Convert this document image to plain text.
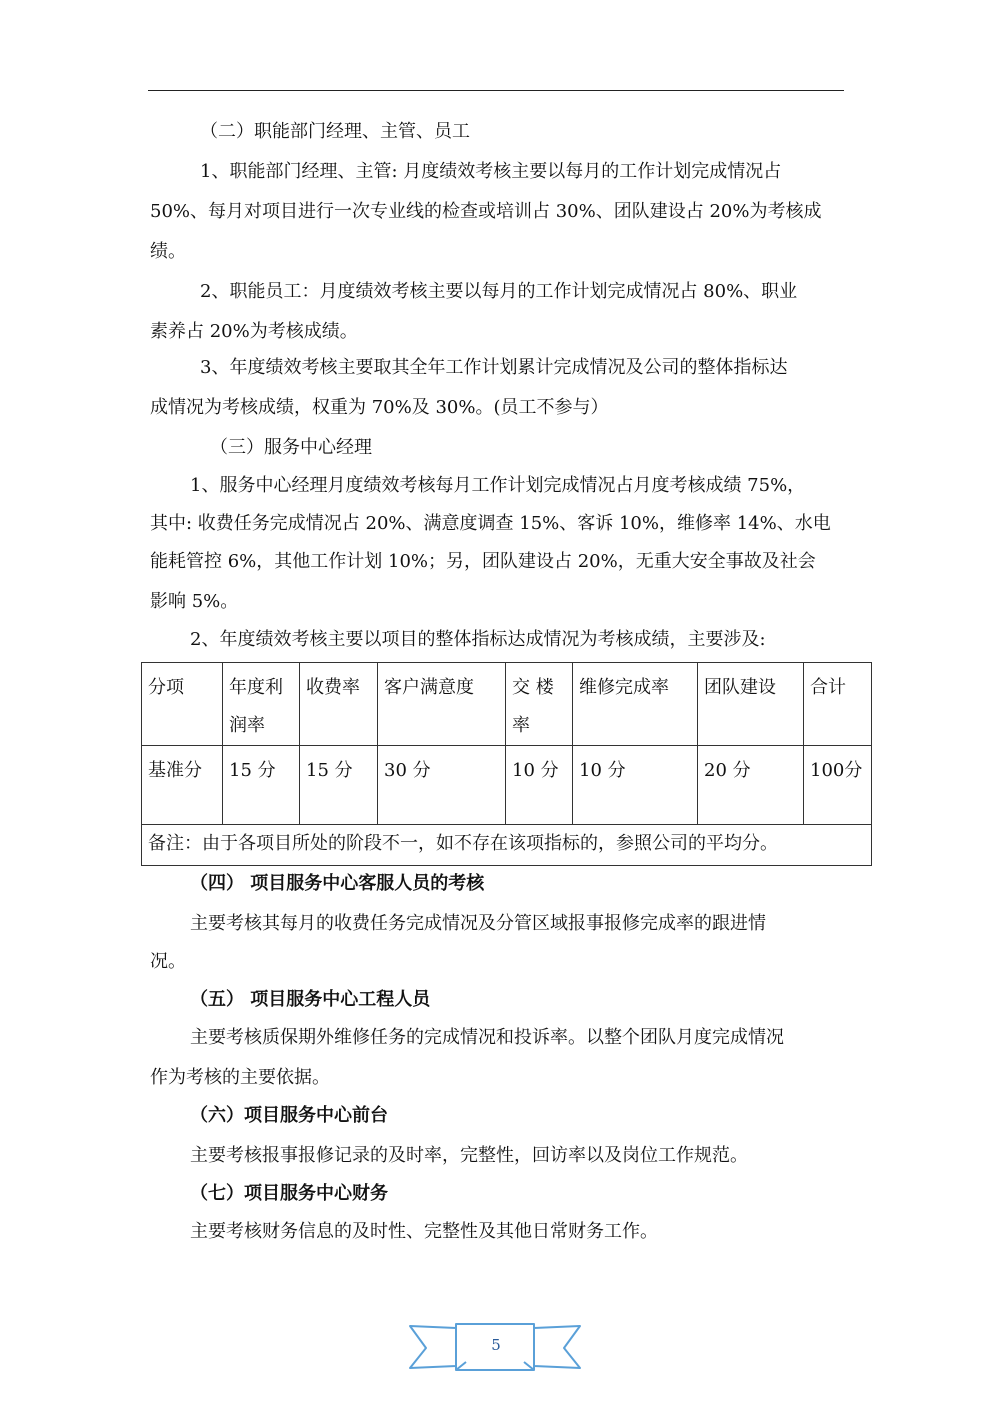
（二）职能部门经理、主管、员工
1、职能部门经理、主管: 月度绩效考核主要以每月的工作计划完成情况占
50%、每月对项目进行一次专业线的检查或培训占 30%、团队建设占 20%为考核成
绩。
2、职能员工：月度绩效考核主要以每月的工作计划完成情况占 80%、职业
素养占 20%为考核成绩。
3、年度绩效考核主要取其全年工作计划累计完成情况及公司的整体指标达
成情况为考核成绩，权重为 70%及 30%。(员工不参与）
（三）服务中心经理
1、服务中心经理月度绩效考核每月工作计划完成情况占月度考核成绩 75%，
其中: 收费任务完成情况占 20%、满意度调查 15%、客诉 10%，维修率 14%、水电
能耗管控 6%，其他工作计划 10%；另，团队建设占 20%，无重大安全事故及社会
影响 5%。
2、年度绩效考核主要以项目的整体指标达成情况为考核成绩，主要涉及:
分项	年度利润率	收费率	客户满意度	交 楼率	维修完成率	团队建设	合计
基准分	15 分	15 分	30 分	10 分	10 分	20 分	100分
备注：由于各项目所处的阶段不一，如不存在该项指标的，参照公司的平均分。							
（四） 项目服务中心客服人员的考核
主要考核其每月的收费任务完成情况及分管区域报事报修完成率的跟进情
况。
（五） 项目服务中心工程人员
主要考核质保期外维修任务的完成情况和投诉率。以整个团队月度完成情况
作为考核的主要依据。
（六）项目服务中心前台
主要考核报事报修记录的及时率，完整性，回访率以及岗位工作规范。
（七）项目服务中心财务
主要考核财务信息的及时性、完整性及其他日常财务工作。
5
